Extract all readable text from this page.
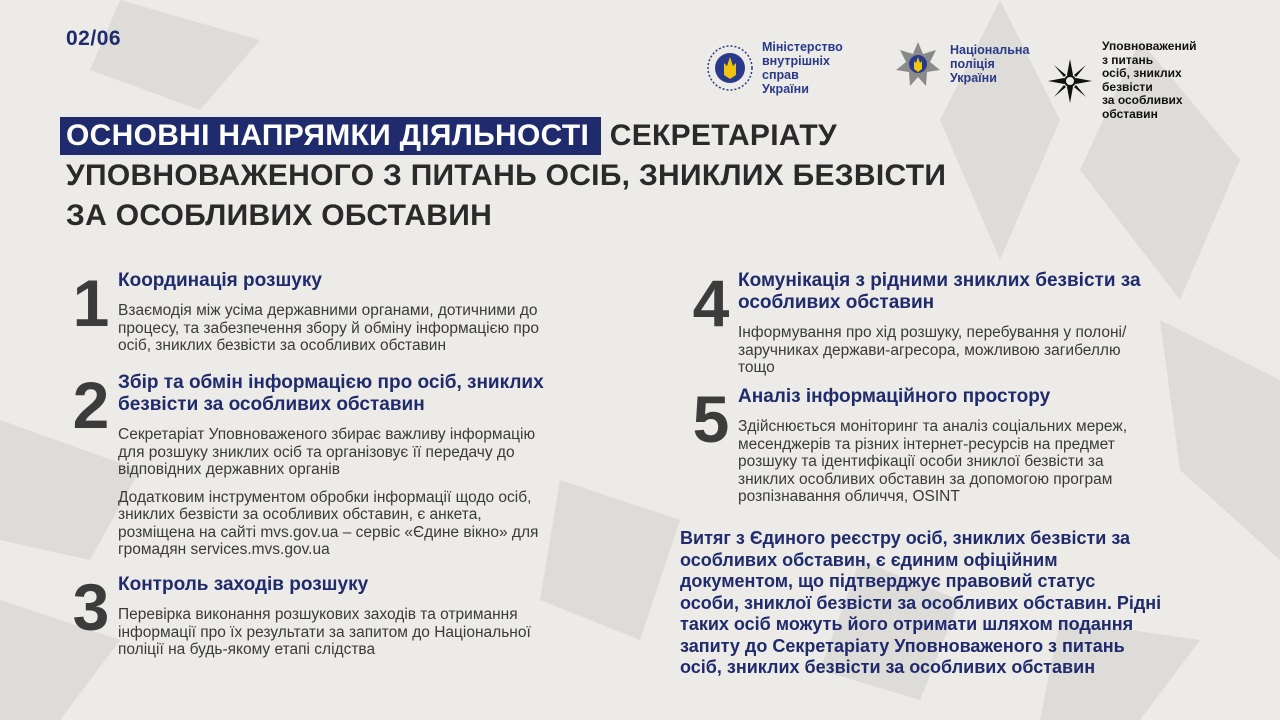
02/06	Міністерство
внутрішніх справ
України
Національна
поліція
України
Уповноважений з питань
осіб, зниклих безвісти
за особливих обставин
ОСНОВНІ НАПРЯМКИ ДІЯЛЬНОСТІ СЕКРЕТАРІАТУ УПОВНОВАЖЕНОГО З ПИТАНЬ ОСІБ, ЗНИКЛИХ БЕЗВІСТИ ЗА ОСОБЛИВИХ ОБСТАВИН
1 Координація розшуку
Взаємодія між усіма державними органами, дотичними до
процесу, та забезпечення збору й обміну інформацією про
осіб, зниклих безвісти за особливих обставин
2 Збір та обмін інформацією про осіб, зниклих
безвісти за особливих обставин
Секретаріат Уповноваженого збирає важливу інформацію
для розшуку зниклих осіб та організовує її передачу до
відповідних державних органів
Додатковим інструментом обробки інформації щодо осіб,
зниклих безвісти за особливих обставин, є анкета,
розміщена на сайті mvs.gov.ua – сервіс «Єдине вікно» для
громадян services.mvs.gov.ua
3 Контроль заходів розшуку
Перевірка виконання розшукових заходів та отримання
інформації про їх результати за запитом до Національної
поліції на будь-якому етапі слідства
4 Комунікація з рідними зниклих безвісти за
особливих обставин
Інформування про хід розшуку, перебування у полоні/
заручниках держави-агресора, можливою загибеллю
тощо
5 Аналіз інформаційного простору
Здійснюється моніторинг та аналіз соціальних мереж,
месенджерів та різних інтернет-ресурсів на предмет
розшуку та ідентифікації особи зниклої безвісти за
зниклих особливих обставин за допомогою програм
розпізнавання обличчя, OSINT
Витяг з Єдиного реєстру осіб, зниклих безвісти за
особливих обставин, є єдиним офіційним
документом, що підтверджує правовий статус
особи, зниклої безвісти за особливих обставин. Рідні
таких осіб можуть його отримати шляхом подання
запиту до Секретаріату Уповноваженого з питань
осіб, зниклих безвісти за особливих обставин
